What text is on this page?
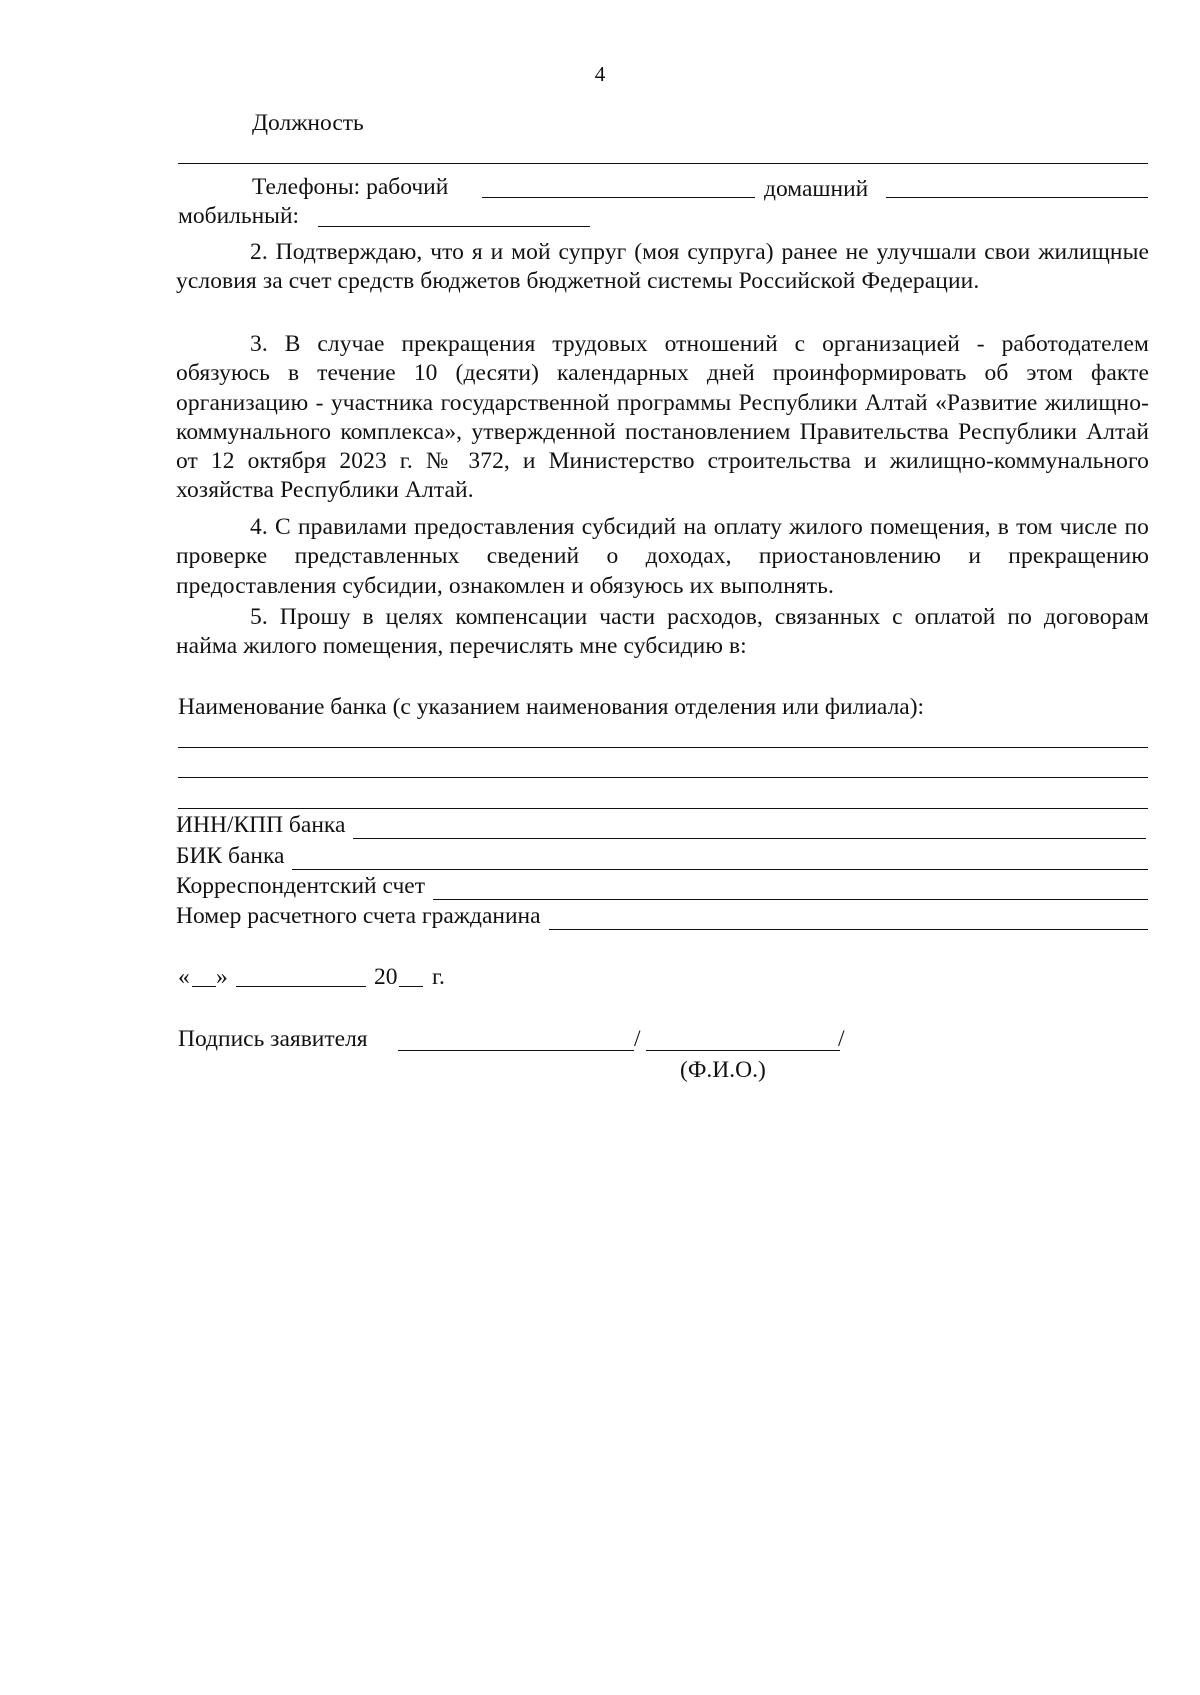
4
Должность
Телефоны: рабочий	домашний
мобильный:
2. Подтверждаю, что я и мой супруг (моя супруга) ранее не улучшали свои жилищные условия за счет средств бюджетов бюджетной системы Российской Федерации.
3. В случае прекращения трудовых отношений с организацией - работодателем обязуюсь в течение 10 (десяти) календарных дней проинформировать об этом факте организацию - участника государственной программы Республики Алтай «Развитие жилищно-коммунального комплекса», утвержденной постановлением Правительства Республики Алтай от 12 октября 2023 г. № 372, и Министерство строительства и жилищно-коммунального хозяйства Республики Алтай.
4. С правилами предоставления субсидий на оплату жилого помещения, в том числе по проверке представленных сведений о доходах, приостановлению и прекращению предоставления субсидии, ознакомлен и обязуюсь их выполнять.
5. Прошу в целях компенсации части расходов, связанных с оплатой по договорам найма жилого помещения, перечислять мне субсидию в:
Наименование банка (с указанием наименования отделения или филиала):
ИНН/КПП банка
БИК банка
Корреспондентский счет
Номер расчетного счета гражданина
« »	20 г.
Подпись заявителя	/	/
(Ф.И.О.)
